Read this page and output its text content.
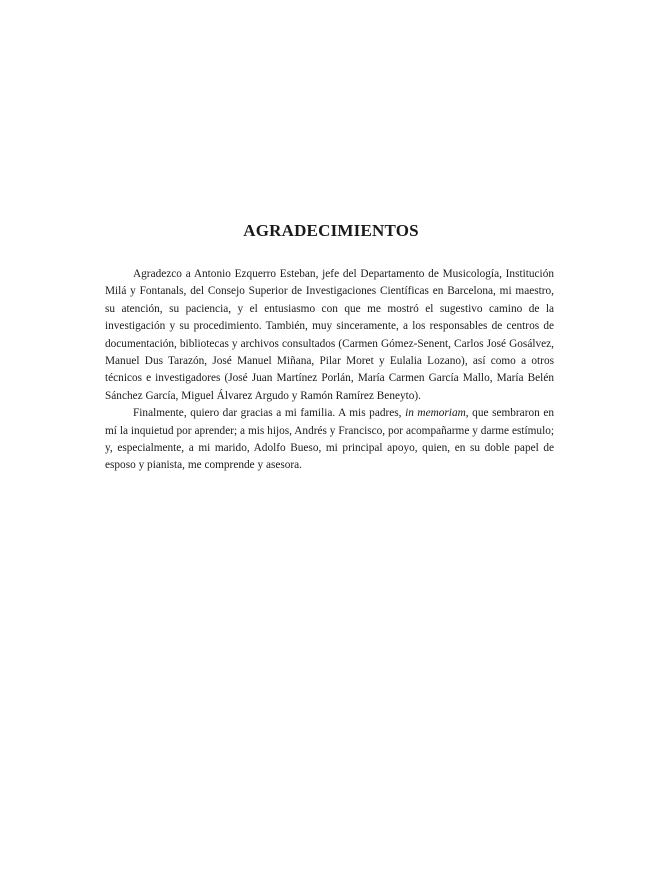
AGRADECIMIENTOS

Agradezco a Antonio Ezquerro Esteban, jefe del Departamento de Musicología, Institución Milá y Fontanals, del Consejo Superior de Investigaciones Científicas en Barcelona, mi maestro, su atención, su paciencia, y el entusiasmo con que me mostró el sugestivo camino de la investigación y su procedimiento. También, muy sinceramente, a los responsables de centros de documentación, bibliotecas y archivos consultados (Carmen Gómez-Senent, Carlos José Gosálvez, Manuel Dus Tarazón, José Manuel Miñana, Pilar Moret y Eulalia Lozano), así como a otros técnicos e investigadores (José Juan Martínez Porlán, María Carmen García Mallo, María Belén Sánchez García, Miguel Álvarez Argudo y Ramón Ramírez Beneyto).

Finalmente, quiero dar gracias a mi familia. A mis padres, in memoriam, que sembraron en mí la inquietud por aprender; a mis hijos, Andrés y Francisco, por acompañarme y darme estímulo; y, especialmente, a mi marido, Adolfo Bueso, mi principal apoyo, quien, en su doble papel de esposo y pianista, me comprende y asesora.
